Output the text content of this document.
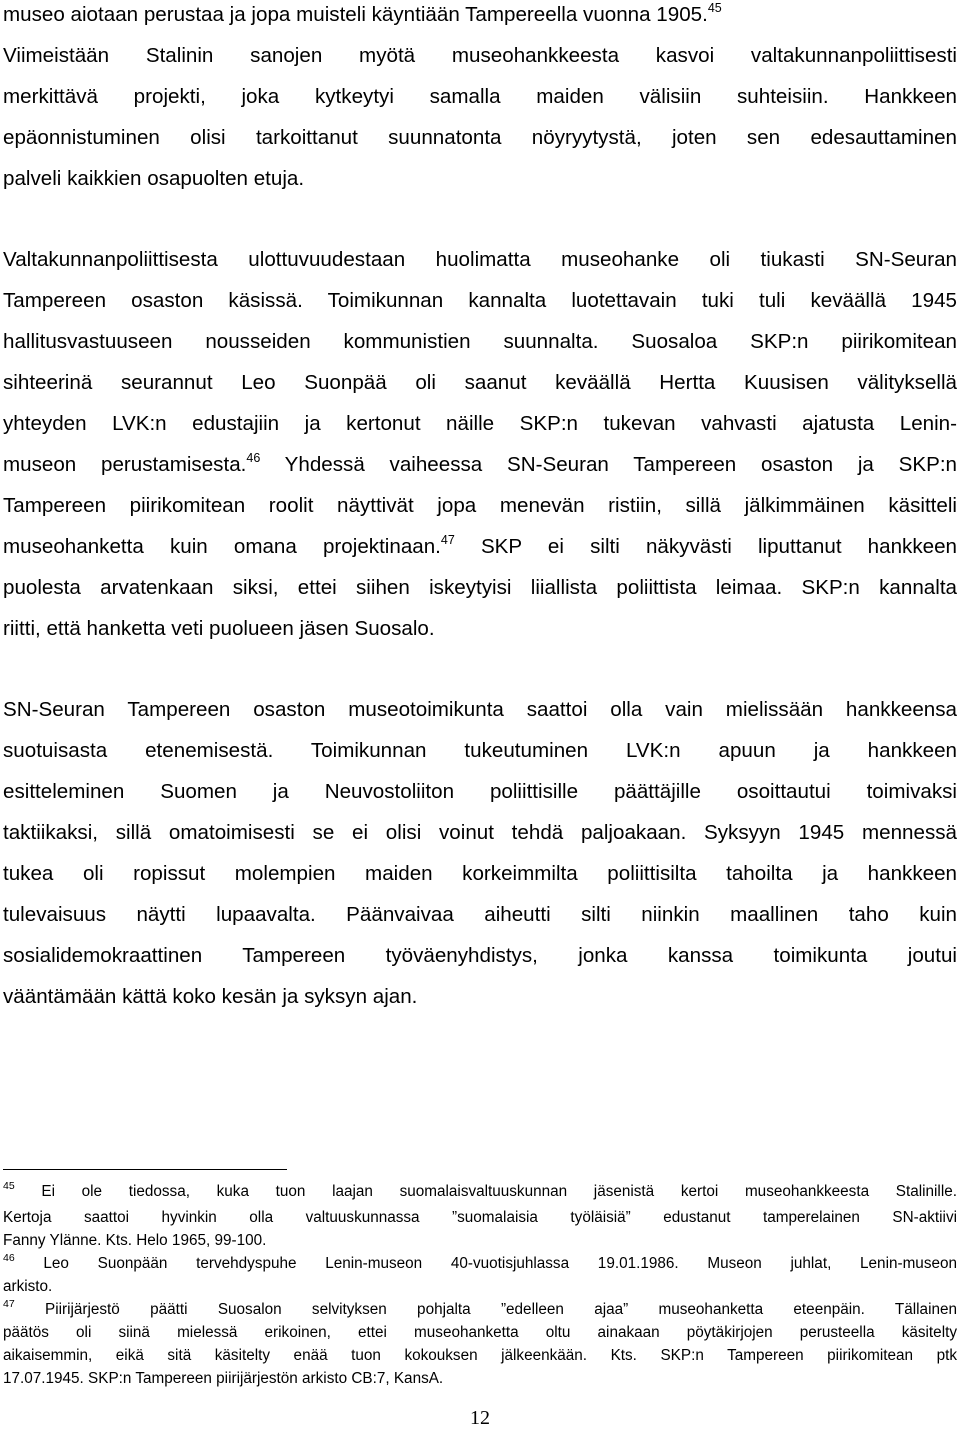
museo aiotaan perustaa ja jopa muisteli käyntiään Tampereella vuonna 1905.45
Viimeistään Stalinin sanojen myötä museohankkeesta kasvoi valtakunnanpoliittisesti
merkittävä projekti, joka kytkeytyi samalla maiden välisiin suhteisiin. Hankkeen
epäonnistuminen olisi tarkoittanut suunnatonta nöyryytystä, joten sen edesauttaminen
palveli kaikkien osapuolten etuja.
Valtakunnanpoliittisesta ulottuvuudestaan huolimatta museohanke oli tiukasti SN-Seuran
Tampereen osaston käsissä. Toimikunnan kannalta luotettavain tuki tuli keväällä 1945
hallitusvastuuseen nousseiden kommunistien suunnalta. Suosaloa SKP:n piirikomitean
sihteerinä seurannut Leo Suonpää oli saanut keväällä Hertta Kuusisen välityksellä
yhteyden LVK:n edustajiin ja kertonut näille SKP:n tukevan vahvasti ajatusta Lenin-
museon perustamisesta.$^{46}$ Yhdessä vaiheessa SN-Seuran Tampereen osaston ja SKP:n
Tampereen piirikomitean roolit näyttivät jopa menevän ristiin, sillä jälkimmäinen käsitteli
museohanketta kuin omana projektinaan.$^{47}$ SKP ei silti näkyvästi liputtanut hankkeen
puolesta arvatenkaan siksi, ettei siihen iskeytyisi liiallista poliittista leimaa. SKP:n kannalta
riitti, että hanketta veti puolueen jäsen Suosalo.
SN-Seuran Tampereen osaston museotoimikunta saattoi olla vain mielissään hankkeensa
suotuisasta etenemisestä. Toimikunnan tukeutuminen LVK:n apuun ja hankkeen
esitteleminen Suomen ja Neuvostoliiton poliittisille päättäjille osoittautui toimivaksi
taktiikaksi, sillä omatoimisesti se ei olisi voinut tehdä paljoakaan. Syksyyn 1945 mennessä
tukea oli ropissut molempien maiden korkeimmilta poliittisilta tahoilta ja hankkeen
tulevaisuus näytti lupaavalta. Päänvaivaa aiheutti silti niinkin maallinen taho kuin
sosialidemokraattinen Tampereen työväenyhdistys, jonka kanssa toimikunta joutui
vääntämään kättä koko kesän ja syksyn ajan.
$^{45}$ Ei ole tiedossa, kuka tuon laajan suomalaisvaltuuskunnan jäsenistä kertoi museohankkeesta Stalinille.
Kertoja saattoi hyvinkin olla valtuuskunnassa ”suomalaisia työläisiä” edustanut tamperelainen SN-aktiivi
Fanny Ylänne. Kts. Helo 1965, 99-100.
$^{46}$ Leo Suonpään tervehdyspuhe Lenin-museon 40-vuotisjuhlassa 19.01.1986. Museon juhlat, Lenin-museon
arkisto.
$^{47}$ Piirijärjestö päätti Suosalon selvityksen pohjalta ”edelleen ajaa” museohanketta eteenpäin. Tällainen
päätös oli siinä mielessä erikoinen, ettei museohanketta oltu ainakaan pöytäkirjojen perusteella käsitelty
aikaisemmin, eikä sitä käsitelty enää tuon kokouksen jälkeenkään. Kts. SKP:n Tampereen piirikomitean ptk
17.07.1945. SKP:n Tampereen piirijärjestön arkisto CB:7, KansA.
12
